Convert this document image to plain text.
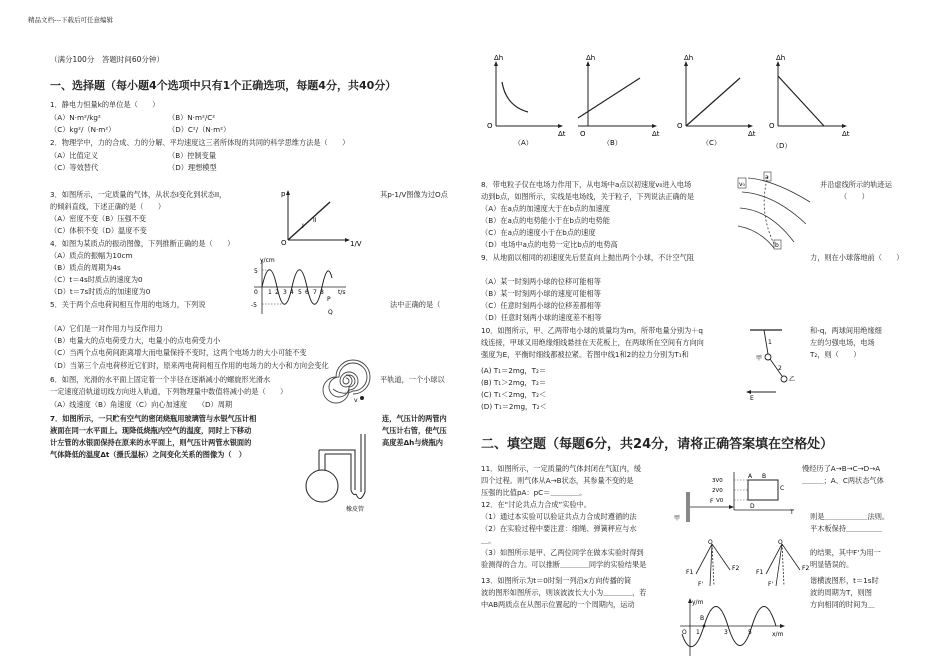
精品文档---下载后可任意编辑
（满分100分　答题时间60分钟）
一、选择题（每小题4个选项中只有1个正确选项，每题4分，共40分）
1．静电力恒量k的单位是（　　）
（A）N·m²/kg²	（B）N·m²/C²
（C）kg²/（N·m²）	（D）C²/（N·m²）
2．物理学中，力的合成、力的分解、平均速度这三者所体现的共同的科学思维方法是（　　）
（A）比值定义	（B）控制变量
（C）等效替代	（D）理想模型
3．如图所示，一定质量的气体，从状态I变化到状态II，	其p-1/V图像为过O点
的倾斜直线，下述正确的是（　　）
（A）密度不变（B）压强不变
（C）体积不变（D）温度不变
p
O	1/V
I
II
4．如图为某质点的振动图像，下列推断正确的是（　　）
（A）质点的振幅为10cm
（B）质点的周期为4s
（C）t＝4s时质点的速度为0
（D）t＝7s时质点的加速度为0
y/cm
5
-5
0 1 2 3 4 5 6 7 8 t/s
P
Q
5．关于两个点电荷间相互作用的电场力，下列说	法中正确的是（
（A）它们是一对作用力与反作用力
（B）电量大的点电荷受力大，电量小的点电荷受力小
（C）当两个点电荷间距离增大而电量保持不变时，这两个电场力的大小可能不变
（D）当第三个点电荷移近它们时，原来两电荷间相互作用的电场力的大小和方向会变化
6．如图，光滑的水平面上固定着一个半径在逐渐减小的螺旋形光滑水	平轨道，一个小球以
一定速度沿轨道切线方向进入轨道，下列物理量中数值将减小的是（　　）
（A）线速度（B）角速度（C）向心加速度　　（D）周期	v
7．如图所示，一只贮有空气的密闭烧瓶用玻璃管与水银气压计相	连，气压计的两管内
液面在同一水平面上。现降低烧瓶内空气的温度，同时上下移动	气压计右管，使气压
计左管的水银面保持在原来的水平面上，则气压计两管水银面的	高度差Δh与烧瓶内
气体降低的温度Δt（摄氏温标）之间变化关系的图像为（　）
橡皮管
Δh
O
Δt
（A）
Δh
O	Δt
（B）
Δh
O
Δt
（C）
Δh
O
Δt
（D）
8．带电粒子仅在电场力作用下，从电场中a点以初速度v₀进入电场	并沿虚线所示的轨迹运
动到b点，如图所示，实线是电场线，关于粒子，下列说法正确的是	（　　）
（A）在a点的加速度大于在b点的加速度
（B）在a点的电势能小于在b点的电势能
（C）在a点的速度小于在b点的速度
（D）电场中a点的电势一定比b点的电势高
v₀
a
b
9．从地面以相同的初速度先后竖直向上抛出两个小球，不计空气阻	力，则在小球落地前（　　）
（A）某一时刻两小球的位移可能相等
（B）某一时刻两小球的速度可能相等
（C）任意时刻两小球的位移差都相等
（D）任意时刻两小球的速度差不相等
10．如图所示，甲、乙两带电小球的质量均为m，所带电量分别为＋q	和-q，两球间用绝缘细
线连接，甲球又用绝缘细线悬挂在天花板上，在两球所在空间有方向向	左的匀强电场，电场
强度为E，平衡时细线都被拉紧。若图中线1和2的拉力分别为T₁和	T₂，则（　　）
(A) T₁＝2mg，T₂＝
(B) T₁＞2mg，T₂＝
(C) T₁＜2mg，T₂＜
(D) T₁＝2mg，T₂＜
甲
乙
1
2
E
二、填空题（每题6分，共24分，请将正确答案填在空格处）
11．如图所示，一定质量的气体封闭在气缸内，缓	慢经历了A→B→C→D→A
四个过程。则气体从A→B状态，其参量不变的是	＿＿＿；A、C两状态气体
压强的比值pA：pC＝＿＿＿＿。
3V0
2V0
V0
T
A B
C
D
12．在“讨论共点力合成”实验中。
（1）通过本实验可以验证共点力合成时遵循的法	则是＿＿＿＿＿＿法则。
（2）在实验过程中要注意：细绳、弹簧秤应与水	平木板保持＿＿＿＿＿
＿。
（3）如图所示是甲、乙两位同学在做本实验时得到	的结果，其中F'为用一
验测得的合力。可以推断＿＿＿＿同学的实验结果是	明显错误的。
F
甲
O	O
F1
F2
F1
F2
F'	F'
13．如图所示为t＝0时刻一列沿x方向传播的简	谐横波图形，t＝1s时
波的图形如图所示，则该波波长大小为＿＿＿＿，若	波的周期为T，则图
中AB两质点在从图示位置起的一个周期内，运动	方向相同的时间为＿
y/m
B
O 1	3	5	x/m
